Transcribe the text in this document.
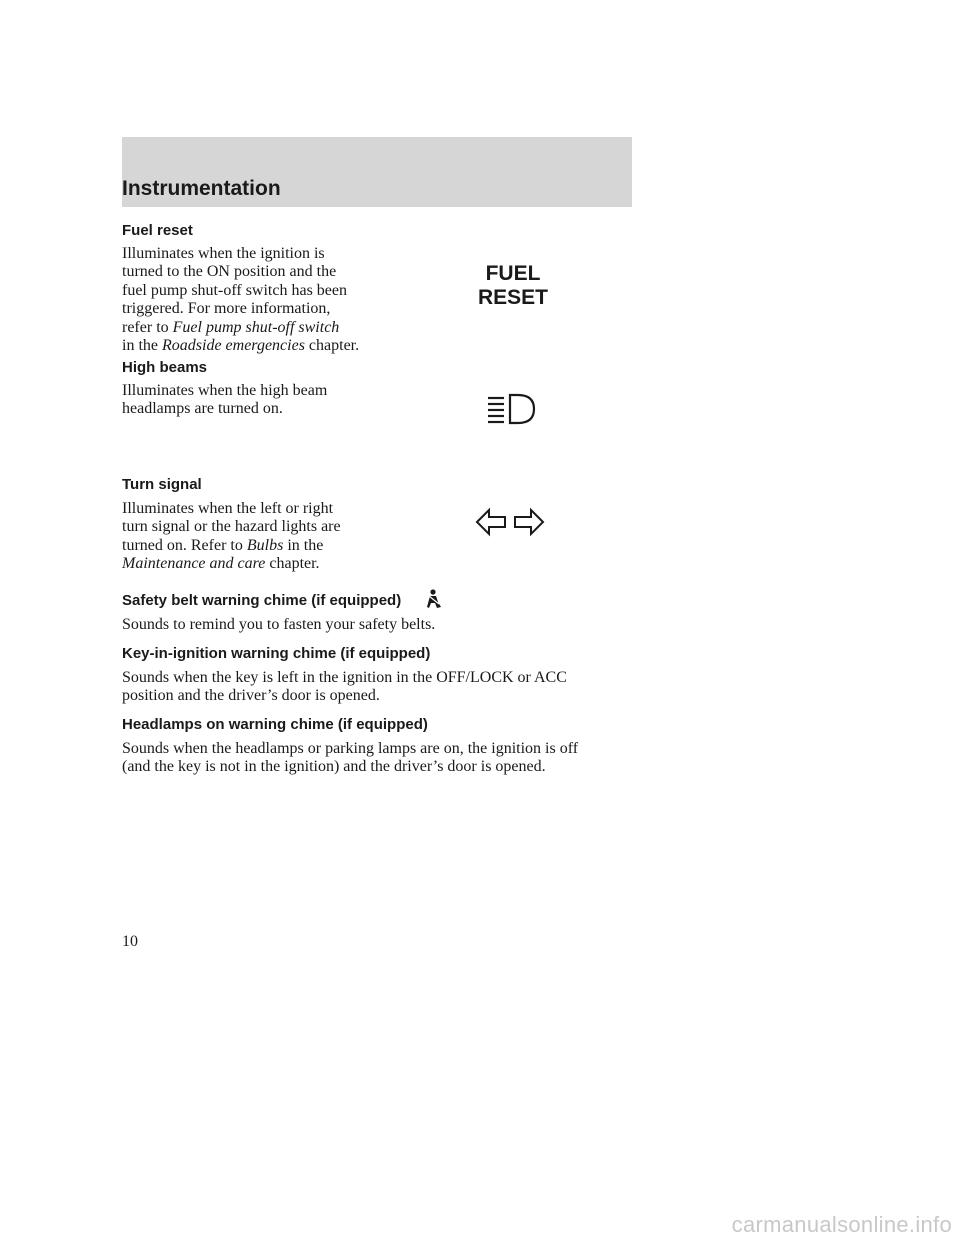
Instrumentation
Fuel reset
Illuminates when the ignition is
turned to the ON position and the
fuel pump shut-off switch has been
triggered. For more information,
refer to Fuel pump shut-off switch
in the Roadside emergencies chapter.
FUEL
RESET
High beams
Illuminates when the high beam
headlamps are turned on.
Turn signal
Illuminates when the left or right
turn signal or the hazard lights are
turned on. Refer to Bulbs in the
Maintenance and care chapter.
Safety belt warning chime (if equipped)
Sounds to remind you to fasten your safety belts.
Key-in-ignition warning chime (if equipped)
Sounds when the key is left in the ignition in the OFF/LOCK or ACC
position and the driver’s door is opened.
Headlamps on warning chime (if equipped)
Sounds when the headlamps or parking lamps are on, the ignition is off
(and the key is not in the ignition) and the driver’s door is opened.
10
carmanualsonline.info
